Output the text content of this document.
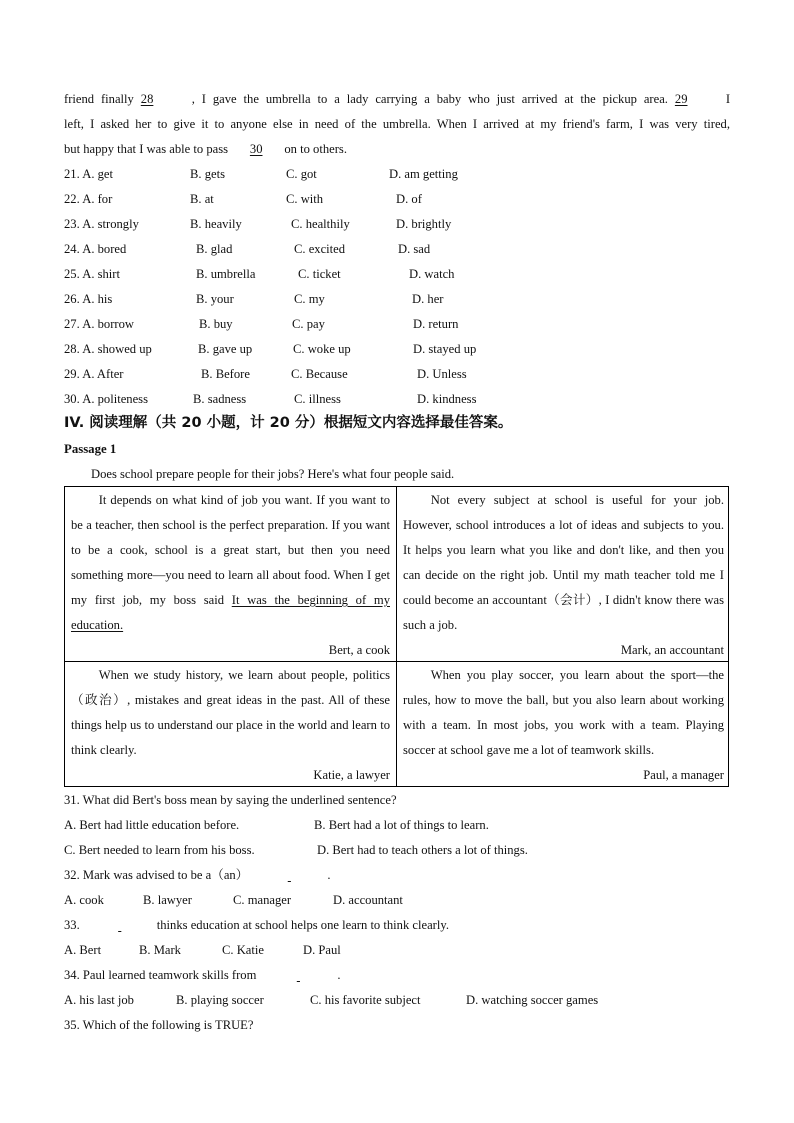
friend finally 28	, I gave the umbrella to a lady carrying a baby who just arrived at the pickup area. 29	I
left, I asked her to give it to anyone else in need of the umbrella. When I arrived at my friend's farm, I was very tired,
but happy that I was able to pass 30 on to others.
21. A. get	B. gets	C. got	D. am getting
22. A. for	B. at	C. with	D. of
23. A. strongly	B. heavily	C. healthily	D. brightly
24. A. bored	B. glad	C. excited	D. sad
25. A. shirt	B. umbrella	C. ticket	D. watch
26. A. his	B. your	C. my	D. her
27. A. borrow	B. buy	C. pay	D. return
28. A. showed up	B. gave up	C. woke up	D. stayed up
29. A. After	B. Before	C. Because	D. Unless
30. A. politeness	B. sadness	C. illness	D. kindness
IV. 阅读理解（共 20 小题，计 20 分）根据短文内容选择最佳答案。
Passage 1
Does school prepare people for their jobs? Here's what four people said.

It depends on what kind of job you want. If you want to be a teacher, then school is the perfect preparation. If you want to be a cook, school is a great start, but then you need something more—you need to learn all about food. When I get my first job, my boss said It was the beginning of my education.

Bert, a cook

Not every subject at school is useful for your job. However, school introduces a lot of ideas and subjects to you. It helps you learn what you like and don't like, and then you can decide on the right job. Until my math teacher told me I could become an accountant（会计）, I didn't know there was such a job.

Mark, an accountant

When we study history, we learn about people, politics（政治）, mistakes and great ideas in the past. All of these things help us to understand our place in the world and learn to think clearly.

Katie, a lawyer

When you play soccer, you learn about the sport—the rules, how to move the ball, but you also learn about working with a team. In most jobs, you work with a team. Playing soccer at school gave me a lot of teamwork skills.

Paul, a manager
31. What did Bert's boss mean by saying the underlined sentence?
A. Bert had little education before.	B. Bert had a lot of things to learn.
C. Bert needed to learn from his boss.	D. Bert had to teach others a lot of things.
32. Mark was advised to be a（an）	.
A. cook	B. lawyer	C. manager	D. accountant
33.	thinks education at school helps one learn to think clearly.
A. Bert	B. Mark	C. Katie	D. Paul
34. Paul learned teamwork skills from	.
A. his last job	B. playing soccer	C. his favorite subject	D. watching soccer games
35. Which of the following is TRUE?
